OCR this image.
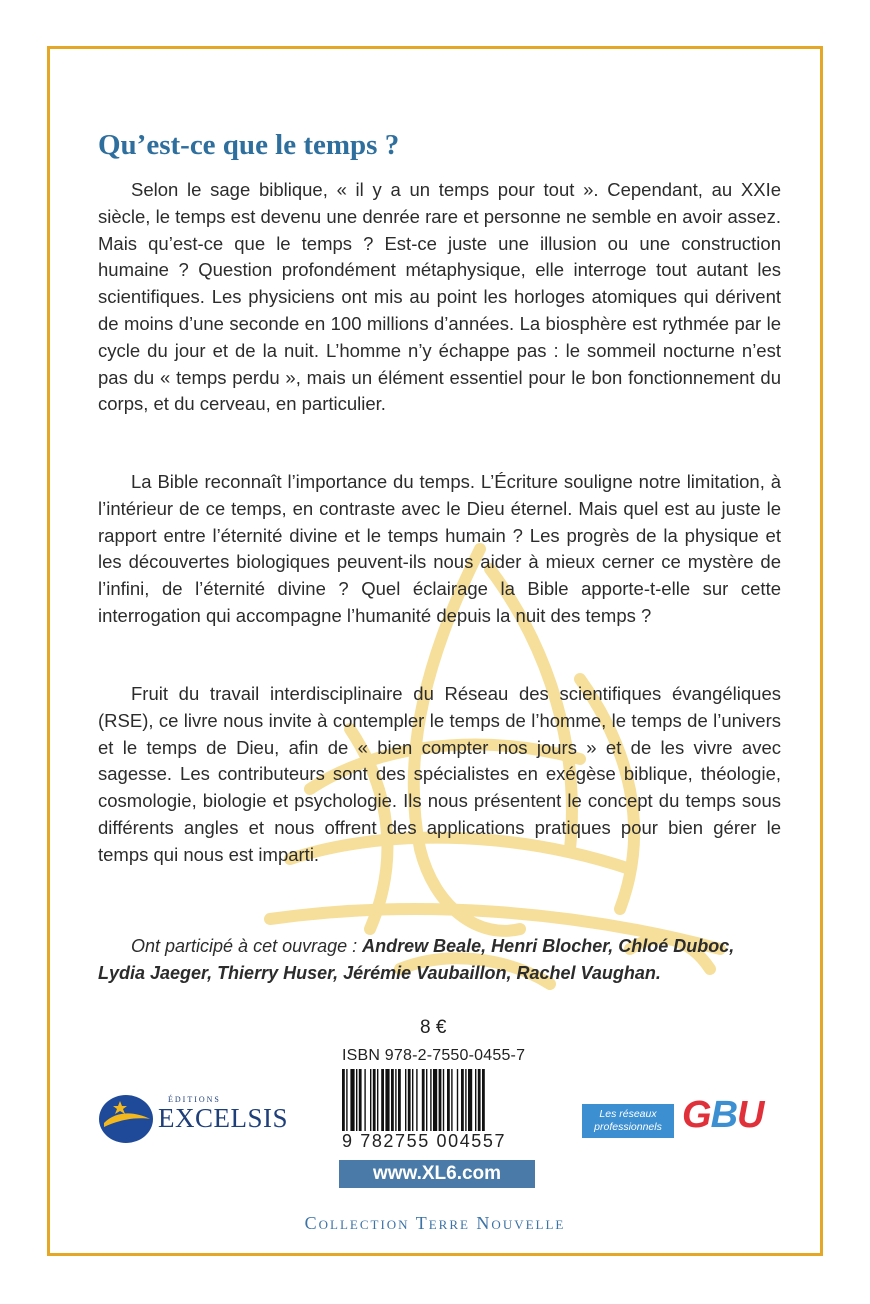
Qu’est-ce que le temps ?

Selon le sage biblique, « il y a un temps pour tout ». Cependant, au XXIe siècle, le temps est devenu une denrée rare et personne ne semble en avoir assez. Mais qu’est-ce que le temps ? Est-ce juste une illusion ou une construction humaine ? Question profondément métaphysique, elle interroge tout autant les scientifiques. Les physiciens ont mis au point les horloges atomiques qui dérivent de moins d’une seconde en 100 millions d’années. La biosphère est rythmée par le cycle du jour et de la nuit. L’homme n’y échappe pas : le sommeil nocturne n’est pas du « temps perdu », mais un élément essentiel pour le bon fonctionnement du corps, et du cerveau, en particulier.

La Bible reconnaît l’importance du temps. L’Écriture souligne notre limitation, à l’intérieur de ce temps, en contraste avec le Dieu éternel. Mais quel est au juste le rapport entre l’éternité divine et le temps humain ? Les progrès de la physique et les découvertes biologiques peuvent-ils nous aider à mieux cerner ce mystère de l’infini, de l’éternité divine ? Quel éclairage la Bible apporte-t-elle sur cette interrogation qui accompagne l’humanité depuis la nuit des temps ?

Fruit du travail interdisciplinaire du Réseau des scientifiques évangéliques (RSE), ce livre nous invite à contempler le temps de l’homme, le temps de l’univers et le temps de Dieu, afin de « bien compter nos jours » et de les vivre avec sagesse. Les contributeurs sont des spécialistes en exégèse biblique, théologie, cosmologie, biologie et psychologie. Ils nous présentent le concept du temps sous différents angles et nous offrent des applications pratiques pour bien gérer le temps qui nous est imparti.

Ont participé à cet ouvrage : Andrew Beale, Henri Blocher, Chloé Duboc, Lydia Jaeger, Thierry Huser, Jérémie Vaubaillon, Rachel Vaughan.

ÉDITIONS
EXCELSIS
8 €
ISBN 978-2-7550-0455-7
9 782755 004557
www.XL6.com
Les réseaux
professionnels GBU
Collection Terre Nouvelle
